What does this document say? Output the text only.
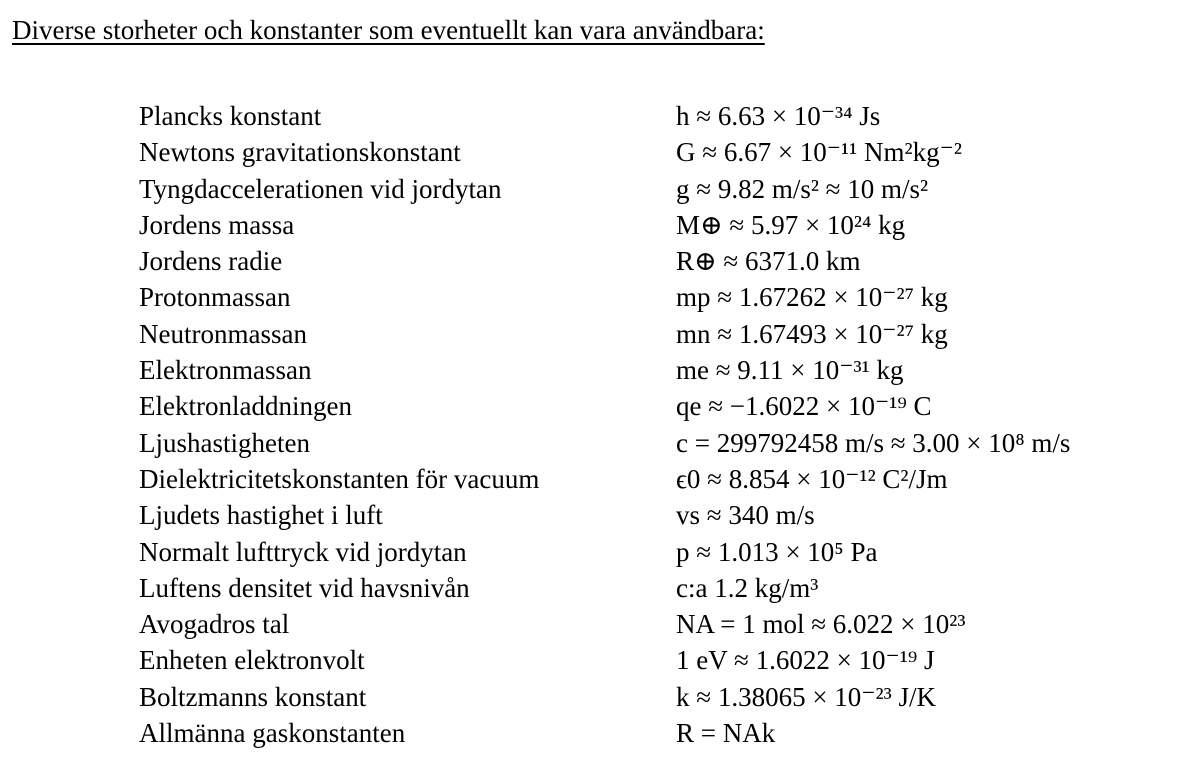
Diverse storheter och konstanter som eventuellt kan vara användbara:
Plancks konstant	h ≈ 6.63 × 10⁻³⁴ Js
Newtons gravitationskonstant	G ≈ 6.67 × 10⁻¹¹ Nm²kg⁻²
Tyngdaccelerationen vid jordytan	g ≈ 9.82 m/s² ≈ 10 m/s²
Jordens massa	M⊕ ≈ 5.97 × 10²⁴ kg
Jordens radie	R⊕ ≈ 6371.0 km
Protonmassan	mp ≈ 1.67262 × 10⁻²⁷ kg
Neutronmassan	mn ≈ 1.67493 × 10⁻²⁷ kg
Elektronmassan	me ≈ 9.11 × 10⁻³¹ kg
Elektronladdningen	qe ≈ −1.6022 × 10⁻¹⁹ C
Ljushastigheten	c = 299792458 m/s ≈ 3.00 × 10⁸ m/s
Dielektricitetskonstanten för vacuum	ϵ0 ≈ 8.854 × 10⁻¹² C²/Jm
Ljudets hastighet i luft	vs ≈ 340 m/s
Normalt lufttryck vid jordytan	p ≈ 1.013 × 10⁵ Pa
Luftens densitet vid havsnivån	c:a 1.2 kg/m³
Avogadros tal	NA = 1 mol ≈ 6.022 × 10²³
Enheten elektronvolt	1 eV ≈ 1.6022 × 10⁻¹⁹ J
Boltzmanns konstant	k ≈ 1.38065 × 10⁻²³ J/K
Allmänna gaskonstanten	R = NAk
